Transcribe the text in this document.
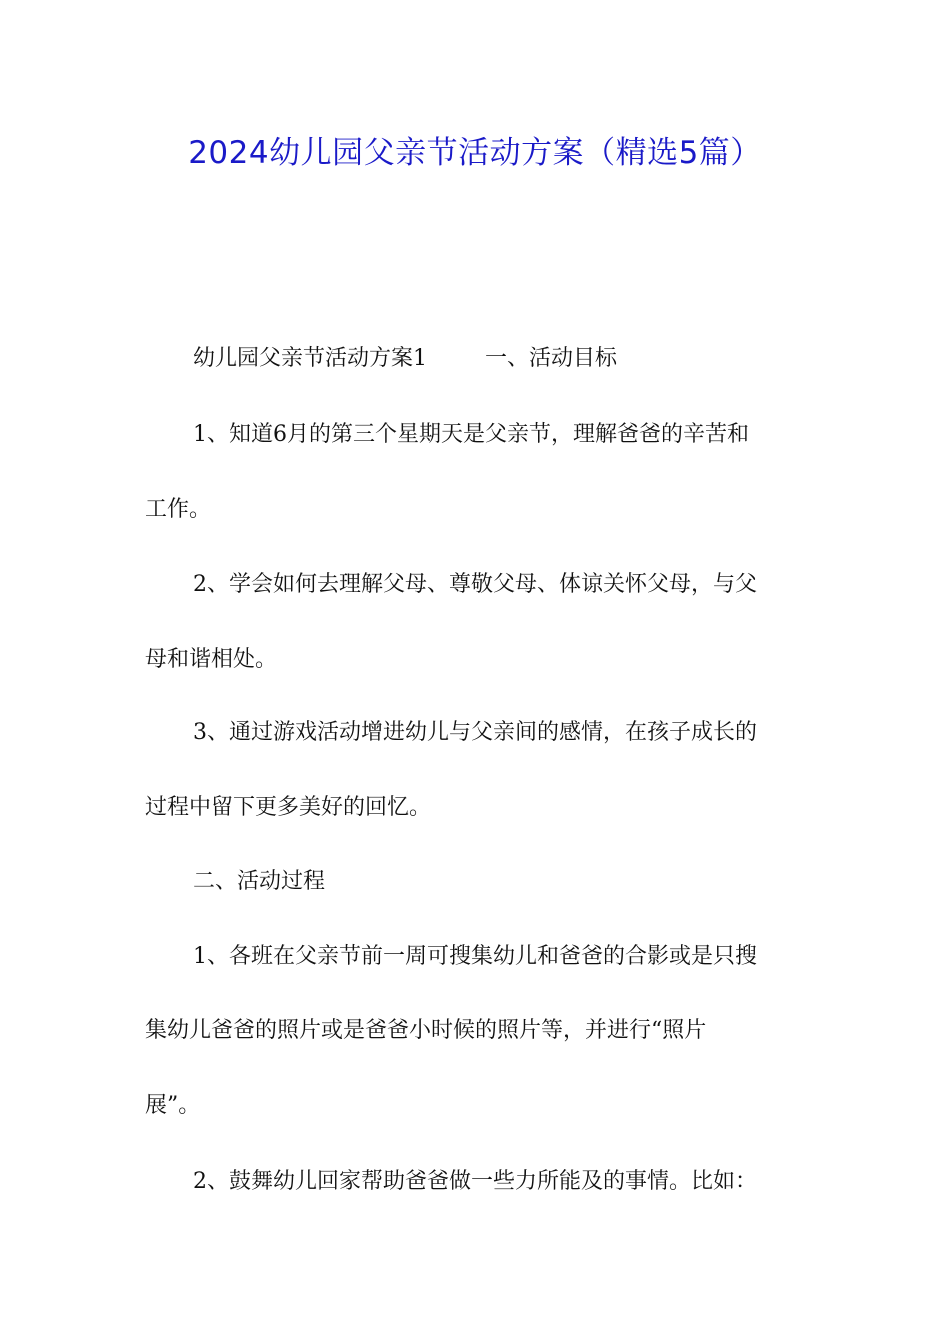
2024幼儿园父亲节活动方案（精选5篇）

幼儿园父亲节活动方案1	一、活动目标

1、知道6月的第三个星期天是父亲节，理解爸爸的辛苦和

工作。

2、学会如何去理解父母、尊敬父母、体谅关怀父母，与父

母和谐相处。

3、通过游戏活动增进幼儿与父亲间的感情，在孩子成长的

过程中留下更多美好的回忆。

二、活动过程

1、各班在父亲节前一周可搜集幼儿和爸爸的合影或是只搜

集幼儿爸爸的照片或是爸爸小时候的照片等，并进行“照片

展”。

2、鼓舞幼儿回家帮助爸爸做一些力所能及的事情。比如：
